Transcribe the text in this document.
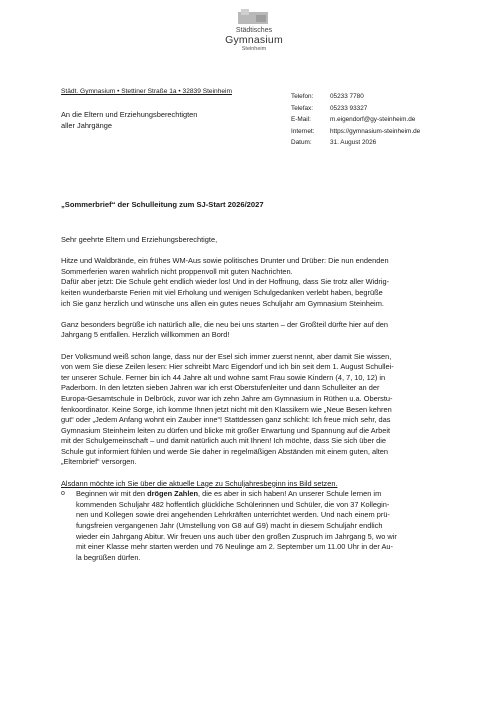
Städtisches
Gymnasium
Steinheim
Städt. Gymnasium • Stettiner Straße 1a • 32839 Steinheim
An die Eltern und Erziehungsberechtigten
aller Jahrgänge
Telefon:	05233 7780
Telefax:	05233 93327
E-Mail:	m.eigendorf@gy-steinheim.de
Internet:	https://gymnasium-steinheim.de
Datum:	31. August 2026
„Sommerbrief“ der Schulleitung zum SJ-Start 2026/2027
Sehr geehrte Eltern und Erziehungsberechtigte,
Hitze und Waldbrände, ein frühes WM-Aus sowie politisches Drunter und Drüber: Die nun endenden
Sommerferien waren wahrlich nicht proppenvoll mit guten Nachrichten.
Dafür aber jetzt: Die Schule geht endlich wieder los! Und in der Hoffnung, dass Sie trotz aller Widrig-
keiten wunderbarste Ferien mit viel Erholung und wenigen Schulgedanken verlebt haben, begrüße
ich Sie ganz herzlich und wünsche uns allen ein gutes neues Schuljahr am Gymnasium Steinheim.
Ganz besonders begrüße ich natürlich alle, die neu bei uns starten – der Großteil dürfte hier auf den
Jahrgang 5 entfallen. Herzlich willkommen an Bord!
Der Volksmund weiß schon lange, dass nur der Esel sich immer zuerst nennt, aber damit Sie wissen,
von wem Sie diese Zeilen lesen: Hier schreibt Marc Eigendorf und ich bin seit dem 1. August Schullei-
ter unserer Schule. Ferner bin ich 44 Jahre alt und wohne samt Frau sowie Kindern (4, 7, 10, 12) in
Paderborn. In den letzten sieben Jahren war ich erst Oberstufenleiter und dann Schulleiter an der
Europa-Gesamtschule in Delbrück, zuvor war ich zehn Jahre am Gymnasium in Rüthen u.a. Oberstu-
fenkoordinator. Keine Sorge, ich komme Ihnen jetzt nicht mit den Klassikern wie „Neue Besen kehren
gut“ oder „Jedem Anfang wohnt ein Zauber inne“! Stattdessen ganz schlicht: Ich freue mich sehr, das
Gymnasium Steinheim leiten zu dürfen und blicke mit großer Erwartung und Spannung auf die Arbeit
mit der Schulgemeinschaft – und damit natürlich auch mit Ihnen! Ich möchte, dass Sie sich über die
Schule gut informiert fühlen und werde Sie daher in regelmäßigen Abständen mit einem guten, alten
„Elternbrief“ versorgen.
Alsdann möchte ich Sie über die aktuelle Lage zu Schuljahresbeginn ins Bild setzen.
o Beginnen wir mit den drögen Zahlen, die es aber in sich haben! An unserer Schule lernen im
kommenden Schuljahr 482 hoffentlich glückliche Schülerinnen und Schüler, die von 37 Kollegin-
nen und Kollegen sowie drei angehenden Lehrkräften unterrichtet werden. Und nach einem prü-
fungsfreien vergangenen Jahr (Umstellung von G8 auf G9) macht in diesem Schuljahr endlich
wieder ein Jahrgang Abitur. Wir freuen uns auch über den großen Zuspruch im Jahrgang 5, wo wir
mit einer Klasse mehr starten werden und 76 Neulinge am 2. September um 11.00 Uhr in der Au-
la begrüßen dürfen.
